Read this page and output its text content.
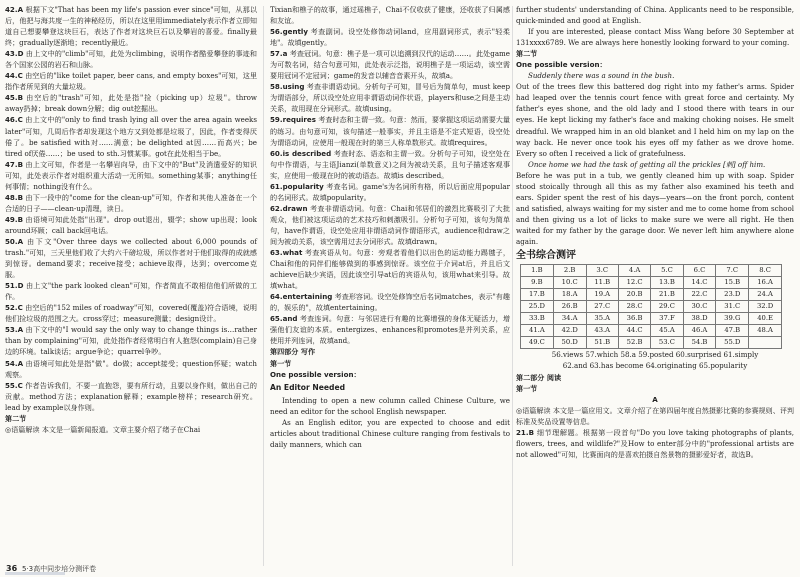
42.A 根据下文"That has been my life's passion ever since"可知，从那以后，他把与海共度一生的神秘经历，所以在这里用immediately表示作者立即知道自己想要攀登这块巨石，表达了作者对这块巨石以及攀岩的喜爱。finally最终；gradually逐渐地；recently最近。

43.D 由上文中的"climb"可知，此处为climbing，说明作者酷爱攀登的事迹和各个国家公园的岩石和山脉。

44.C 由空后的"like toilet paper, beer cans, and empty boxes"可知，这里指作者所见到的大量垃圾。

45.B 由空后的"trash"可知，此处是指"捡（picking up）垃圾"。throw away扔掉；break down分解；dig out挖掘出。

46.C 由上文中的"only to find trash lying all over the area again weeks later"可知，几周后作者却发现这个地方又到处都是垃圾了，因此，作者变得厌倦了。be satisfied with对……满意；be delighted at因……而高兴；be tired of厌倦……；be used to sth.习惯某事。got在此处相当于be。

47.B 由上文可知，作者是一名攀岩向导，由下文中的"But"及消遣爱好的知识可知，此处表示作者对组织重大活动一无所知。something某事；anything任何事情；nothing没有什么。

48.B 由下一段中的"come for the clean-up"可知，作者和其他人准备在一个合适的日子——clean-up清理，读日。

49.B 由语境可知此处指"出现"。drop out退出，辍学；show up出现；look around环顾；call back回电话。

50.A 由下文"Over three days we collected about 6,000 pounds of trash."可知，三天里他们收了大约六千磅垃圾，所以作者对于他们取得的成就感到惊讶。demand要求；receive接受；achieve取得，达到；overcome克服。

51.D 由上文"the park looked clean"可知，作者简直不敢相信他们所做的工作。

52.C 由空后的"152 miles of roadway"可知，covered(覆盖)符合语境，说明他们捡垃圾的范围之大。cross穿过；measure测量；design设计。

53.A 由下文中的"I would say the only way to change things is…rather than by complaining"可知，此处指作者经常明白有人抱怨(complain)自己身边的环境。talk谈话；argue争论；quarrel争吵。

54.A 由语境可知此处是指"做"。do做；accept接受；question怀疑；watch观察。

55.C 作者告诉我们，不要一直抱怨，要有所行动，且要以身作则，做出自己的贡献。method方法；explanation解释；example榜样；research研究。lead by example以身作则。

第二节

◎语篇解读 本文是一篇新闻报道。文章主要介绍了绪子在Chai

Tixian和樵子的故事，通过瑶樵子，Chai不仅收获了健康，还收获了归属感和友谊。

56.gently 考查副词。设空处修饰动词land，应用副词形式，表示"轻柔地"。故填gently。

57.a 考查冠词。句意：樵子是一项可以追溯到汉代的运动……。此处game为可数名词，结合句意可知，此处表示泛指，说明樵子是一项运动，该空需要用冠词不定冠词；game的发音以辅音音素开头，故填a。

58.using 考查非谓语动词。分析句子可知，冒号后为简单句，must keep为谓语部分，所以设空处应用非谓语动词作状语，players和use之间是主动关系，故用现在分词形式。故填using。

59.requires 考查时态和主谓一致。句意：然而，要掌握这项运动需要大量的练习。由句意可知，该句描述一般事实，并且主语是不定式短语，设空处为谓语动词，应使用一般现在时的第三人称单数形式。故填requires。

60.is described 考查时态、语态和主谓一致。分析句子可知，设空处在句中作谓语，与主语Jianzi(单数意义)之间为被动关系，且句子描述客观事实，应使用一般现在时的被动语态。故填is described。

61.popularity 考查名词。game's为名词所有格，所以后面应用popular的名词形式。故填popularity。

62.drawn 考查非谓语动词。句意：Chai和邻居们的激烈比赛吸引了大批观众，他们被这项运动的艺术技巧和刺激吸引。分析句子可知，该句为简单句，have作谓语，设空处应用非谓语动词作谓语形式，audience和draw之间为被动关系，该空需用过去分词形式。故填drawn。

63.what 考查宾语从句。句意：旁观者看他们以出色的运动能力踢毽子，Chai和他的同伴们能够做到的事感到惊讶。该空位于介词at后，并且后文achieve后缺少宾语，因此该空引导at后的宾语从句，该用what来引导。故填what。

64.entertaining 考查形容词。设空处修饰空后名词matches，表示"有趣的，娱乐的"，故填entertaining。

65.and 考查连词。句意：与邻居进行有趣的比赛增强的身体无疑活力，增强他们友谊的本质。entergizes、enhances和promotes是并列关系，应使用并列连词，故填and。

第四部分 写作

第一节

One possible version：

An Editor Needed

Intending to open a new column called Chinese Culture, we need an editor for the school English newspaper.

As an English editor, you are expected to choose and edit articles about traditional Chinese culture ranging from festivals to daily manners, which can

further students' understanding of China. Applicants need to be responsible, quick-minded and good at English.

If you are interested, please contact Miss Wang before 30 September at 131xxxx6789. We are always here honestly looking forward to your coming.

第二节

One possible version：

Suddenly there was a sound in the bush.

Out of the trees flew this battered dog right into my father's arms. Spider had leaped over the tennis court fence with great force and certainty. My father's eyes shone, and the old lady and I stood there with tears in our eyes. He kept licking my father's face and making choking noises. He smelt dreadful. We wrapped him in an old blanket and I held him on my lap on the way back. He never once took his eyes off my father as we drove home. Every so often I received a lick of gratefulness.

Once home we had the task of getting all the prickles [刺] off him.

Before he was put in a tub, we gently cleaned him up with soap. Spider stood stoically through all this as my father also examined his teeth and ears. Spider spent the rest of his days—years—on the front porch, content and satisfied, always waiting for my sister and me to come home from school and then giving us a lot of licks to make sure we were all right. He then waited for my father by the garage door. We never left him anywhere alone again.

全书综合测评

1.B	2.B	3.C	4.A	5.C	6.C	7.C	8.C
9.B	10.C	11.B	12.C	13.B	14.C	15.B	16.A
17.B	18.A	19.A	20.B	21.B	22.C	23.D	24.A
25.D	26.B	27.C	28.C	29.C	30.C	31.C	32.D
33.B	34.A	35.A	36.B	37.F	38.D	39.G	40.E
41.A	42.D	43.A	44.C	45.A	46.A	47.B	48.A
49.C	50.D	51.B	52.B	53.C	54.B	55.D	

56.views 57.which 58.a 59.posted 60.surprised 61.simply

62.and 63.has become 64.originating 65.popularity

第二部分 阅读

第一节

A

◎语篇解读 本文是一篇应用文。文章介绍了在第四届年度自然摄影比赛的参赛规则、评判标准及奖品设置等信息。

21.B 细节理解题。根据第一段首句"Do you love taking photographs of plants, flowers, trees, and wildlife?"及How to enter部分中的"professional artists are not allowed"可知，比赛面向的是喜欢拍摄自然景物的摄影爱好者，故选B。

36 5·3高中同步培分测评卷
